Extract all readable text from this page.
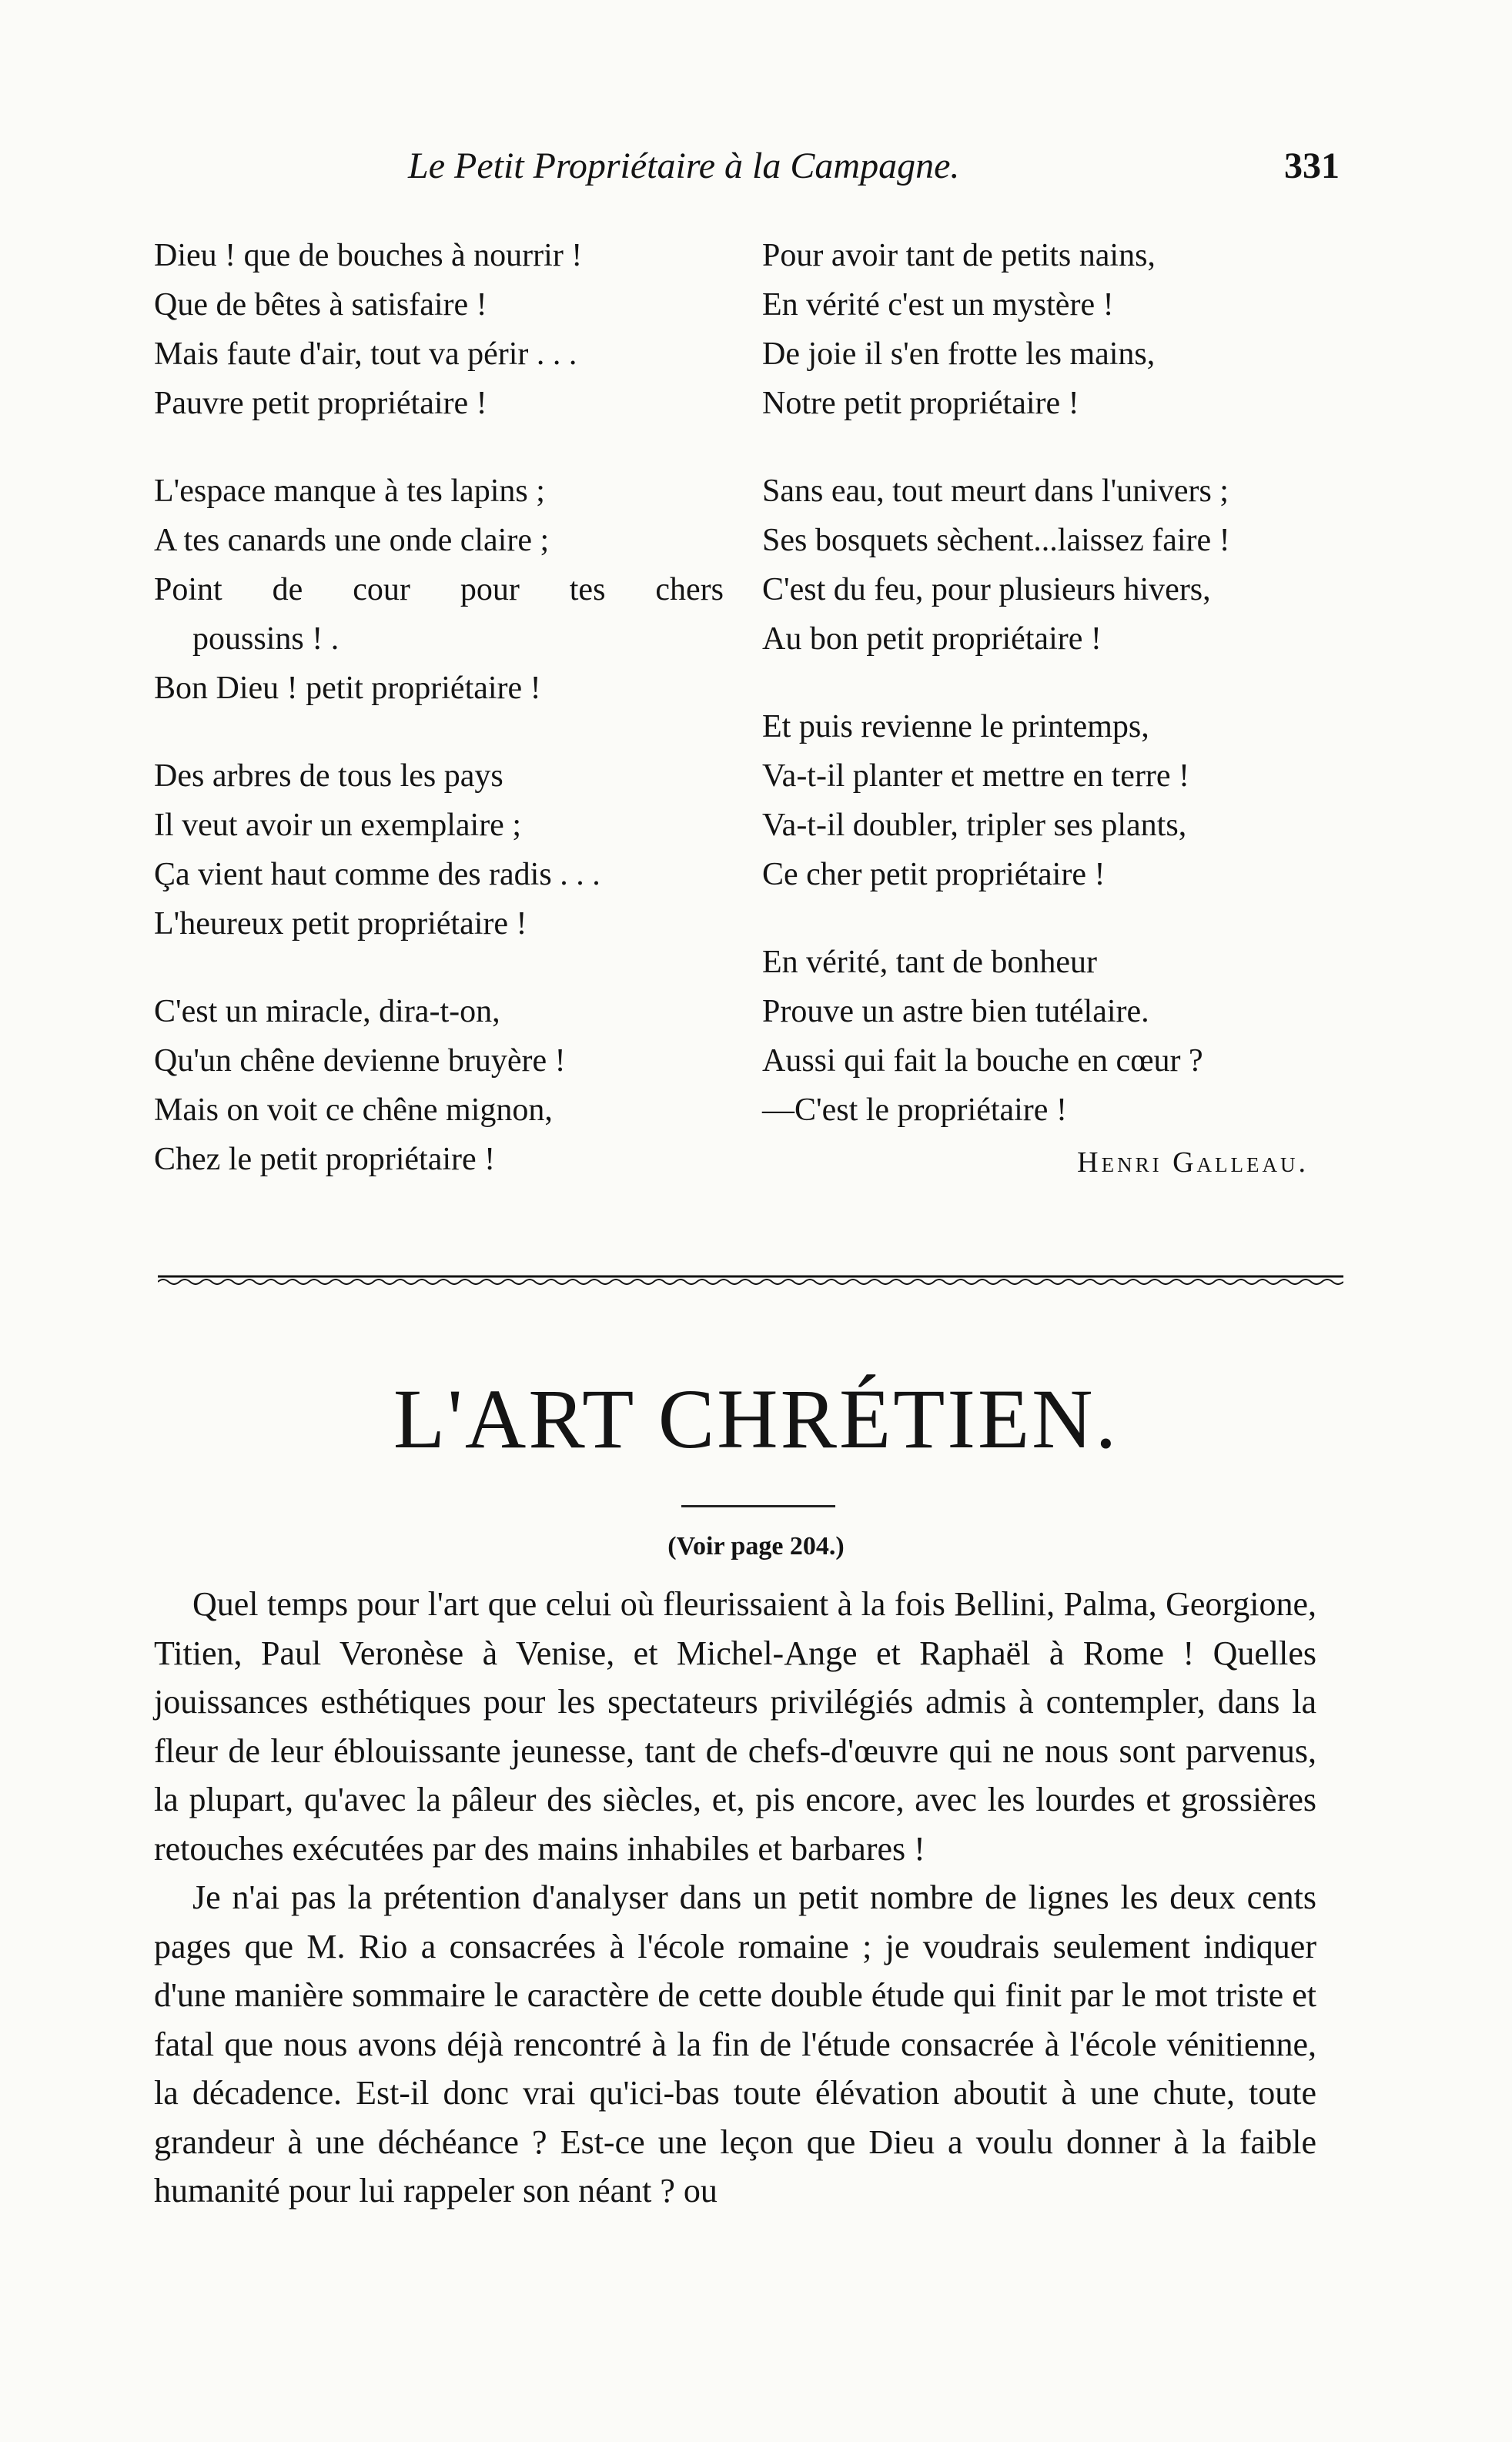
Le Petit Propriétaire à la Campagne.	331
Dieu ! que de bouches à nourrir !
Que de bêtes à satisfaire !
Mais faute d'air, tout va périr . . .
Pauvre petit propriétaire !
L'espace manque à tes lapins ;
A tes canards une onde claire ;
Point de cour pour tes chers
poussins ! .
Bon Dieu ! petit propriétaire !
Des arbres de tous les pays
Il veut avoir un exemplaire ;
Ça vient haut comme des radis . . .
L'heureux petit propriétaire !
C'est un miracle, dira-t-on,
Qu'un chêne devienne bruyère !
Mais on voit ce chêne mignon,
Chez le petit propriétaire !
Pour avoir tant de petits nains,
En vérité c'est un mystère !
De joie il s'en frotte les mains,
Notre petit propriétaire !
Sans eau, tout meurt dans l'univers ;
Ses bosquets sèchent...laissez faire !
C'est du feu, pour plusieurs hivers,
Au bon petit propriétaire !
Et puis revienne le printemps,
Va-t-il planter et mettre en terre !
Va-t-il doubler, tripler ses plants,
Ce cher petit propriétaire !
En vérité, tant de bonheur
Prouve un astre bien tutélaire.
Aussi qui fait la bouche en cœur ?
—C'est le propriétaire !
Henri Galleau.
L'ART CHRÉTIEN.
(Voir page 204.)

Quel temps pour l'art que celui où fleurissaient à la fois Bellini, Palma, Georgione, Titien, Paul Veronèse à Venise, et Michel-Ange et Raphaël à Rome ! Quelles jouissances esthétiques pour les spectateurs privilégiés admis à contempler, dans la fleur de leur éblouissante jeunesse, tant de chefs-d'œuvre qui ne nous sont parvenus, la plupart, qu'avec la pâleur des siècles, et, pis encore, avec les lourdes et grossières retouches exécutées par des mains inhabiles et barbares !

Je n'ai pas la prétention d'analyser dans un petit nombre de lignes les deux cents pages que M. Rio a consacrées à l'école romaine ; je voudrais seulement indiquer d'une manière sommaire le caractère de cette double étude qui finit par le mot triste et fatal que nous avons déjà rencontré à la fin de l'étude consacrée à l'école vénitienne, la décadence. Est-il donc vrai qu'ici-bas toute élévation aboutit à une chute, toute grandeur à une déchéance ? Est-ce une leçon que Dieu a voulu donner à la faible humanité pour lui rappeler son néant ? ou
